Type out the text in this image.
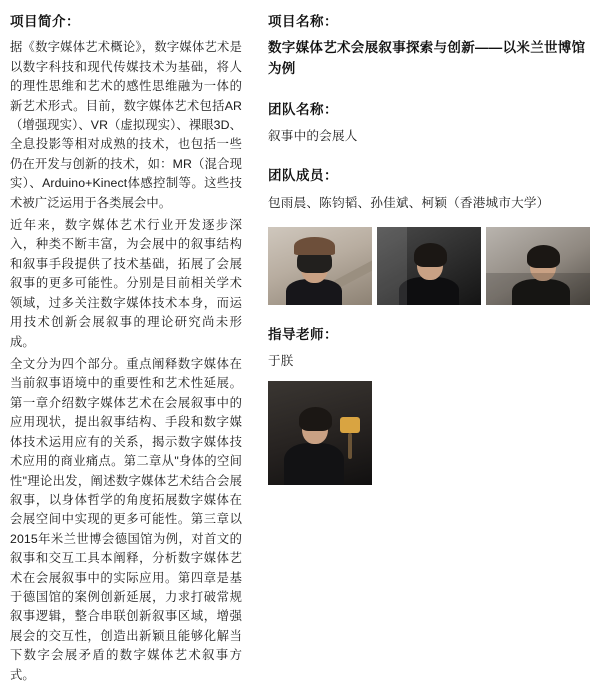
项目简介：

据《数字媒体艺术概论》，数字媒体艺术是以数字科技和现代传媒技术为基础，将人的理性思维和艺术的感性思维融为一体的新艺术形式。目前，数字媒体艺术包括AR（增强现实）、VR（虚拟现实）、裸眼3D、全息投影等相对成熟的技术，也包括一些仍在开发与创新的技术，如：MR（混合现实）、Arduino+Kinect体感控制等。这些技术被广泛运用于各类展会中。

近年来，数字媒体艺术行业开发逐步深入，种类不断丰富，为会展中的叙事结构和叙事手段提供了技术基础，拓展了会展叙事的更多可能性。分别是目前相关学术领域，过多关注数字媒体技术本身，而运用技术创新会展叙事的理论研究尚未形成。

全文分为四个部分。重点阐释数字媒体在当前叙事语境中的重要性和艺术性延展。第一章介绍数字媒体艺术在会展叙事中的应用现状，提出叙事结构、手段和数字媒体技术运用应有的关系，揭示数字媒体技术应用的商业痛点。第二章从"身体的空间性"理论出发，阐述数字媒体艺术结合会展叙事，以身体哲学的角度拓展数字媒体在会展空间中实现的更多可能性。第三章以2015年米兰世博会德国馆为例，对首文的叙事和交互工具本阐释，分析数字媒体艺术在会展叙事中的实际应用。第四章是基于德国馆的案例创新延展，力求打破常规叙事逻辑，整合串联创新叙事区域，增强展会的交互性，创造出新颖且能够化解当下数字会展矛盾的数字媒体艺术叙事方式。

项目名称：
数字媒体艺术会展叙事探索与创新——以米兰世博馆为例
团队名称：
叙事中的会展人
团队成员：
包雨晨、陈钧韬、孙佳斌、柯颖（香港城市大学）
指导老师：
于朕
